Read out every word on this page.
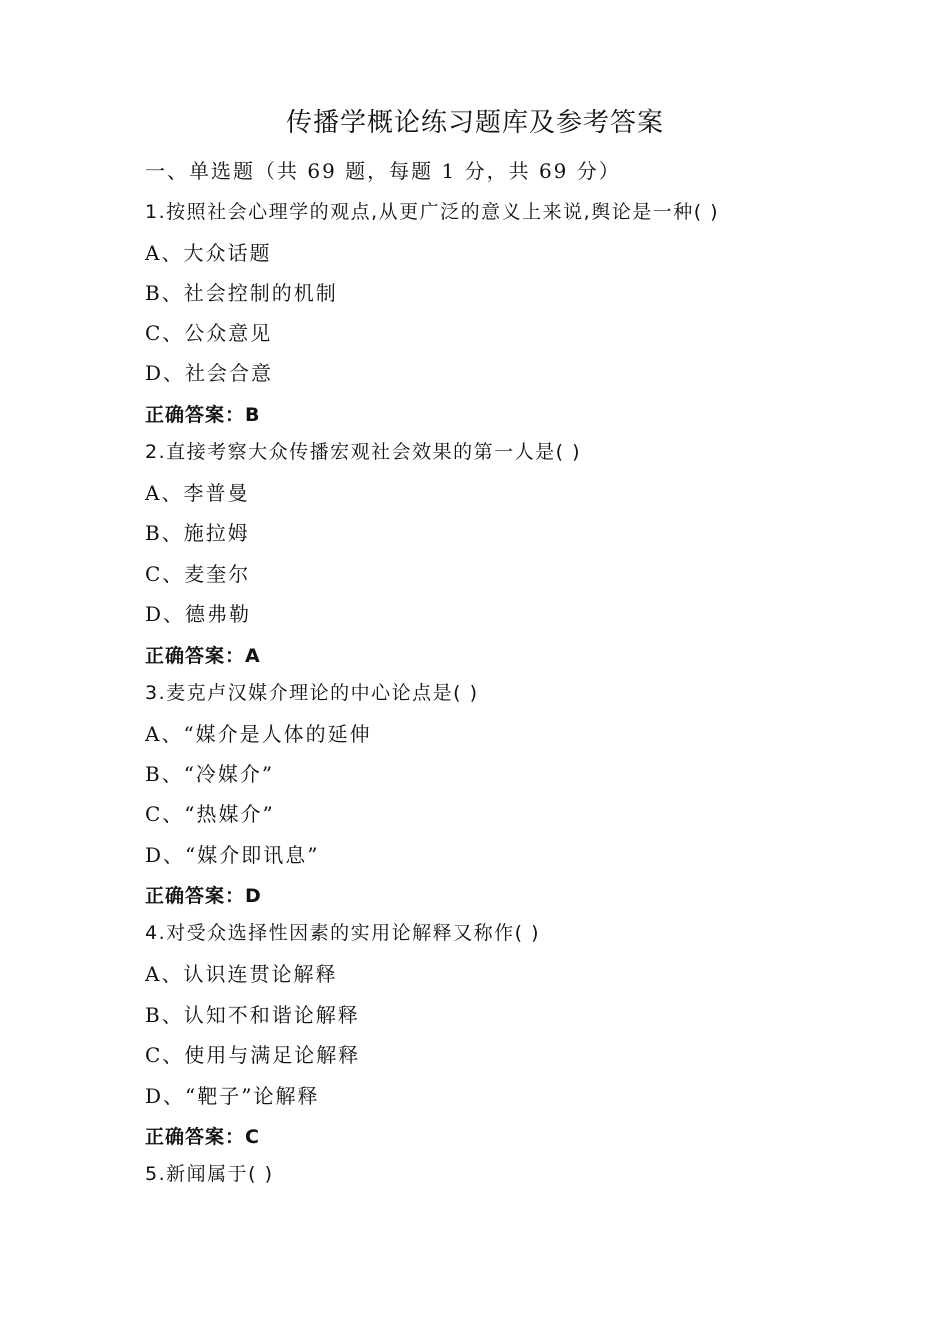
传播学概论练习题库及参考答案
一、单选题（共 69 题，每题 1 分，共 69 分）
1.按照社会心理学的观点,从更广泛的意义上来说,舆论是一种( )
A、大众话题
B、社会控制的机制
C、公众意见
D、社会合意
正确答案：B
2.直接考察大众传播宏观社会效果的第一人是( )
A、李普曼
B、施拉姆
C、麦奎尔
D、德弗勒
正确答案：A
3.麦克卢汉媒介理论的中心论点是( )
A、“媒介是人体的延伸
B、“冷媒介”
C、“热媒介”
D、“媒介即讯息”
正确答案：D
4.对受众选择性因素的实用论解释又称作( )
A、认识连贯论解释
B、认知不和谐论解释
C、使用与满足论解释
D、“靶子”论解释
正确答案：C
5.新闻属于( )
